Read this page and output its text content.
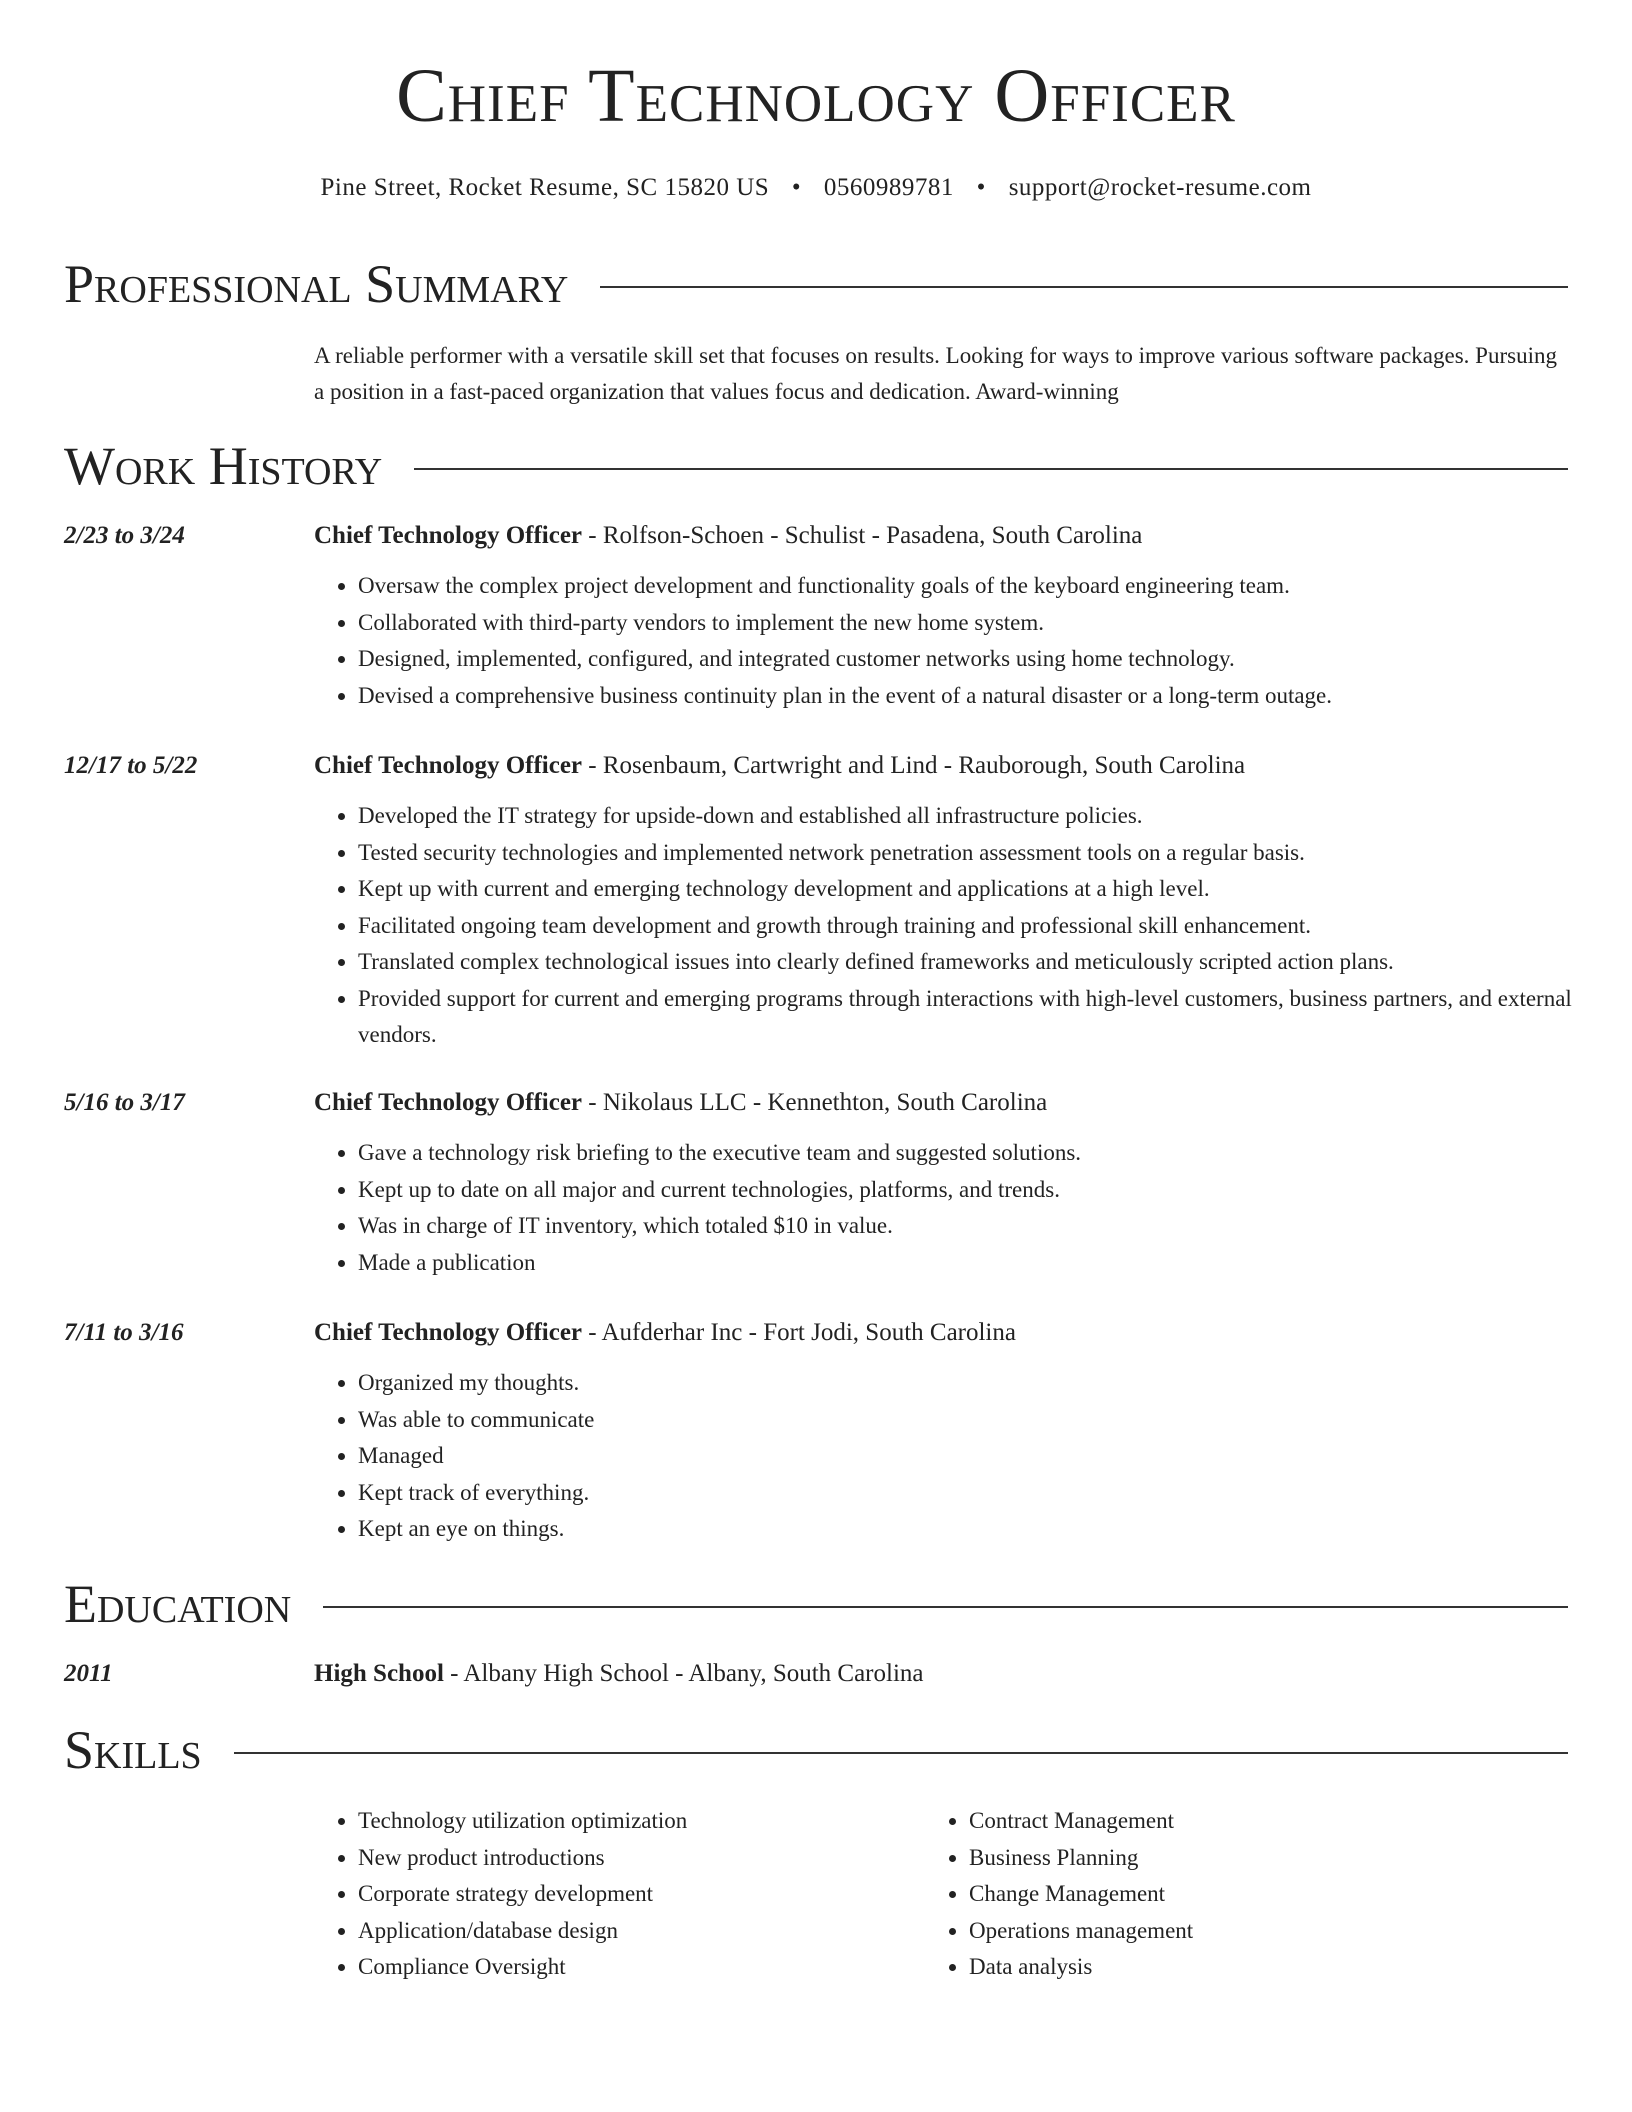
Chief Technology Officer
Pine Street, Rocket Resume, SC 15820 US • 0560989781 • support@rocket-resume.com
Professional Summary
A reliable performer with a versatile skill set that focuses on results. Looking for ways to improve various software packages. Pursuing a position in a fast-paced organization that values focus and dedication. Award-winning
Work History
2/23 to 3/24	Chief Technology Officer - Rolfson-Schoen - Schulist - Pasadena, South Carolina
• Oversaw the complex project development and functionality goals of the keyboard engineering team.
• Collaborated with third-party vendors to implement the new home system.
• Designed, implemented, configured, and integrated customer networks using home technology.
• Devised a comprehensive business continuity plan in the event of a natural disaster or a long-term outage.
12/17 to 5/22	Chief Technology Officer - Rosenbaum, Cartwright and Lind - Rauborough, South Carolina
• Developed the IT strategy for upside-down and established all infrastructure policies.
• Tested security technologies and implemented network penetration assessment tools on a regular basis.
• Kept up with current and emerging technology development and applications at a high level.
• Facilitated ongoing team development and growth through training and professional skill enhancement.
• Translated complex technological issues into clearly defined frameworks and meticulously scripted action plans.
• Provided support for current and emerging programs through interactions with high-level customers, business partners, and external vendors.
5/16 to 3/17	Chief Technology Officer - Nikolaus LLC - Kennethton, South Carolina
• Gave a technology risk briefing to the executive team and suggested solutions.
• Kept up to date on all major and current technologies, platforms, and trends.
• Was in charge of IT inventory, which totaled $10 in value.
• Made a publication
7/11 to 3/16	Chief Technology Officer - Aufderhar Inc - Fort Jodi, South Carolina
• Organized my thoughts.
• Was able to communicate
• Managed
• Kept track of everything.
• Kept an eye on things.
Education
2011	High School - Albany High School - Albany, South Carolina
Skills
• Technology utilization optimization
• New product introductions
• Corporate strategy development
• Application/database design
• Compliance Oversight
• Contract Management
• Business Planning
• Change Management
• Operations management
• Data analysis
